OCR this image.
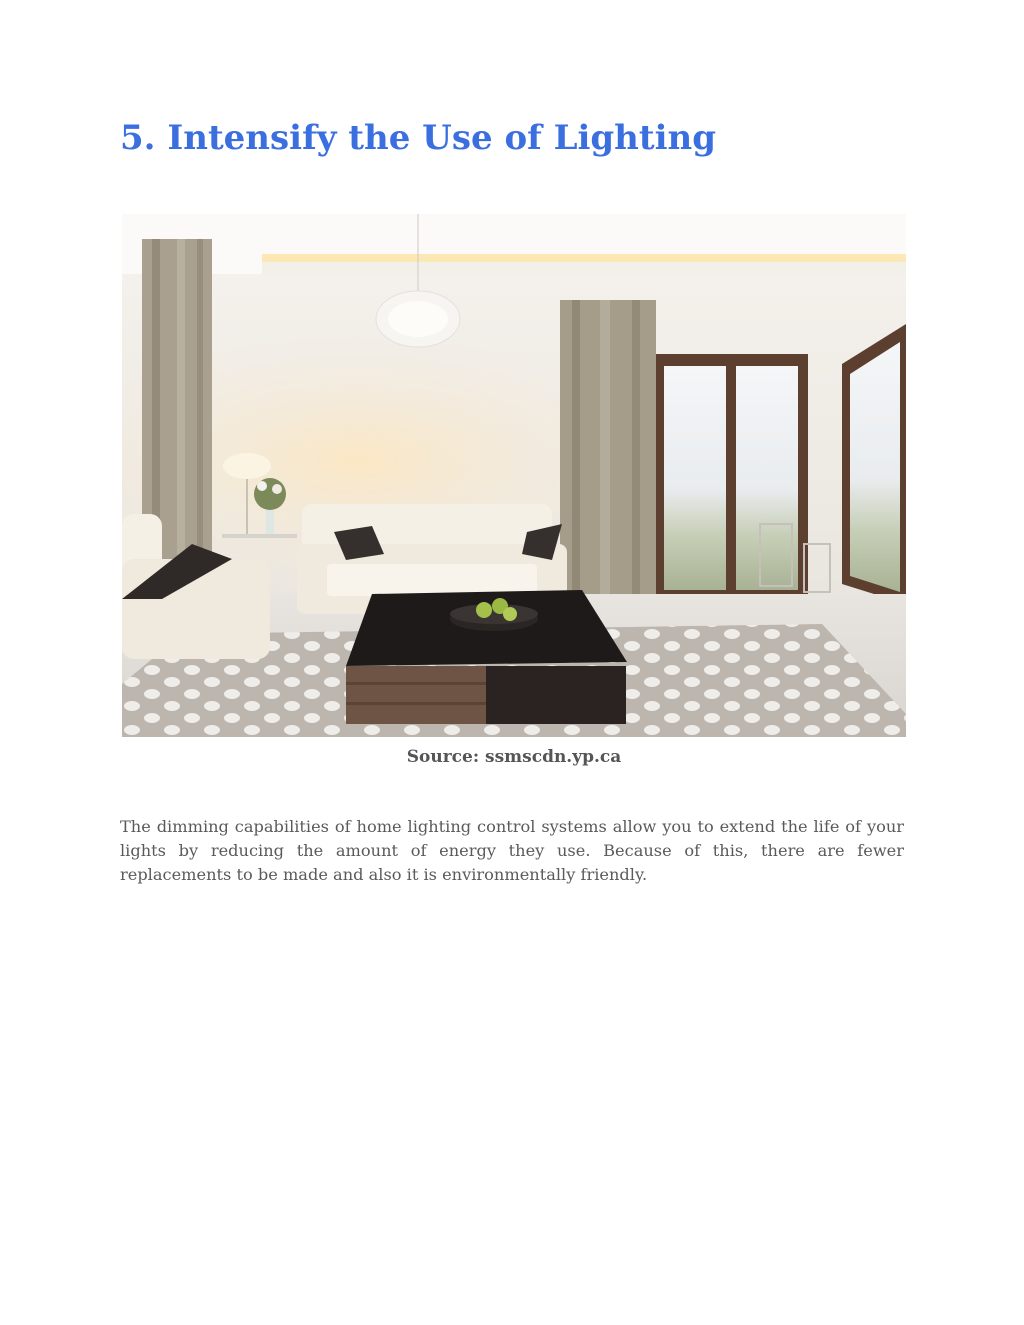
5. Intensify the Use of Lighting
Source: ssmscdn.yp.ca

The dimming capabilities of home lighting control systems allow you to extend the life of your lights by reducing the amount of energy they use. Because of this, there are fewer replacements to be made and also it is environmentally friendly.
